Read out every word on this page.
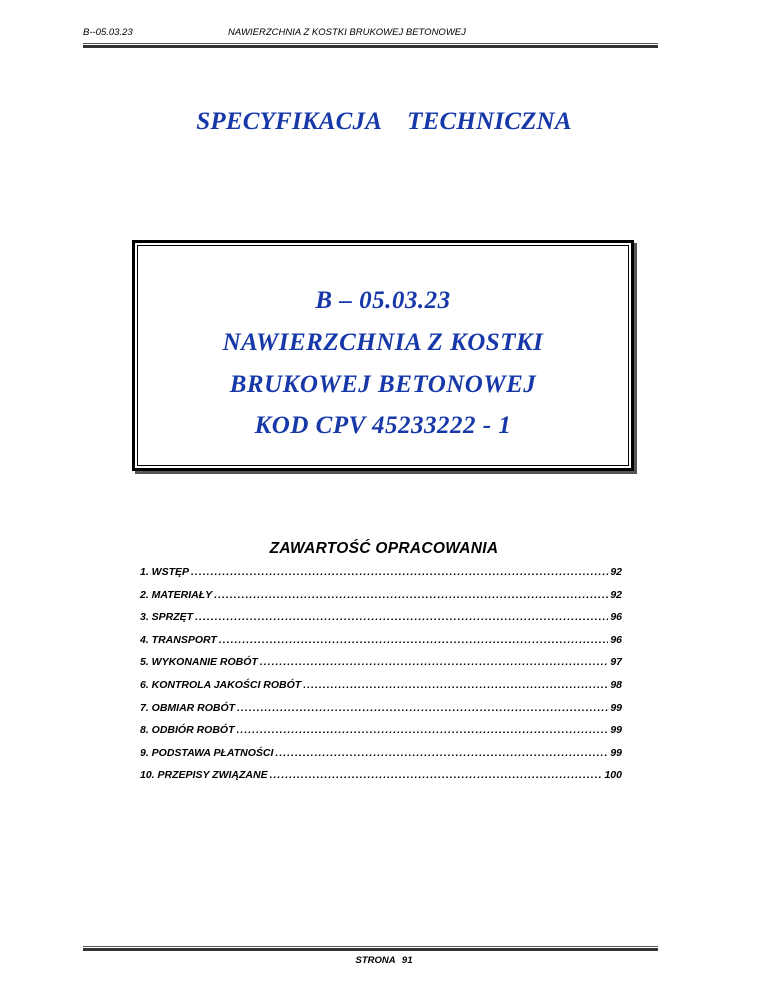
B--05.03.23	NAWIERZCHNIA Z KOSTKI BRUKOWEJ BETONOWEJ
SPECYFIKACJA TECHNICZNA
B – 05.03.23
NAWIERZCHNIA Z KOSTKI
BRUKOWEJ BETONOWEJ
KOD CPV 45233222 - 1
ZAWARTOŚĆ OPRACOWANIA
1. WSTĘP .....	92
2. MATERIAŁY .....	92
3. SPRZĘT .....	96
4. TRANSPORT .....	96
5. WYKONANIE ROBÓT .....	97
6. KONTROLA JAKOŚCI ROBÓT .....	98
7. OBMIAR ROBÓT .....	99
8. ODBIÓR ROBÓT .....	99
9. PODSTAWA PŁATNOŚCI .....	99
10. PRZEPISY ZWIĄZANE .....	100
STRONA 91
